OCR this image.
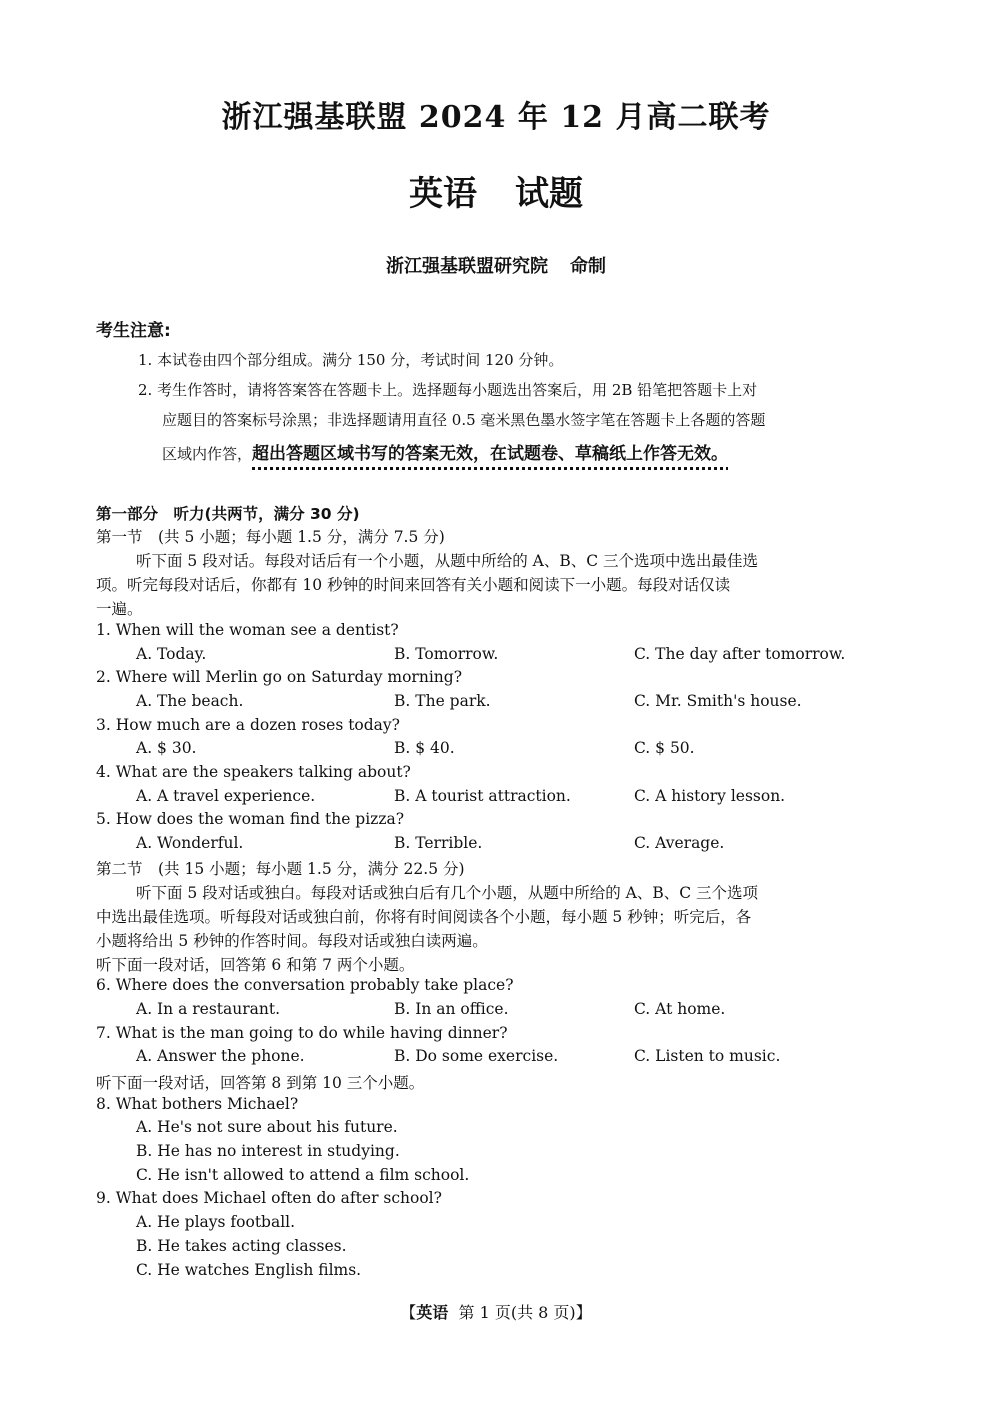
浙江强基联盟 2024 年 12 月高二联考
英语 试题
浙江强基联盟研究院 命制
考生注意:
1. 本试卷由四个部分组成。满分 150 分，考试时间 120 分钟。
2. 考生作答时，请将答案答在答题卡上。选择题每小题选出答案后，用 2B 铅笔把答题卡上对
应题目的答案标号涂黑；非选择题请用直径 0.5 毫米黑色墨水签字笔在答题卡上各题的答题
区域内作答，超出答题区域书写的答案无效，在试题卷、草稿纸上作答无效。
第一部分　听力(共两节，满分 30 分)
第一节　(共 5 小题；每小题 1.5 分，满分 7.5 分)
听下面 5 段对话。每段对话后有一个小题，从题中所给的 A、B、C 三个选项中选出最佳选
项。听完每段对话后，你都有 10 秒钟的时间来回答有关小题和阅读下一小题。每段对话仅读
一遍。
1. When will the woman see a dentist?
A. Today.	B. Tomorrow.	C. The day after tomorrow.
2. Where will Merlin go on Saturday morning?
A. The beach.	B. The park.	C. Mr. Smith's house.
3. How much are a dozen roses today?
A. $ 30.	B. $ 40.	C. $ 50.
4. What are the speakers talking about?
A. A travel experience.	B. A tourist attraction.	C. A history lesson.
5. How does the woman find the pizza?
A. Wonderful.	B. Terrible.	C. Average.
第二节　(共 15 小题；每小题 1.5 分，满分 22.5 分)
听下面 5 段对话或独白。每段对话或独白后有几个小题，从题中所给的 A、B、C 三个选项
中选出最佳选项。听每段对话或独白前，你将有时间阅读各个小题，每小题 5 秒钟；听完后，各
小题将给出 5 秒钟的作答时间。每段对话或独白读两遍。
听下面一段对话，回答第 6 和第 7 两个小题。
6. Where does the conversation probably take place?
A. In a restaurant.	B. In an office.	C. At home.
7. What is the man going to do while having dinner?
A. Answer the phone.	B. Do some exercise.	C. Listen to music.
听下面一段对话，回答第 8 到第 10 三个小题。
8. What bothers Michael?
A. He's not sure about his future.
B. He has no interest in studying.
C. He isn't allowed to attend a film school.
9. What does Michael often do after school?
A. He plays football.
B. He takes acting classes.
C. He watches English films.
【英语 第 1 页(共 8 页)】
